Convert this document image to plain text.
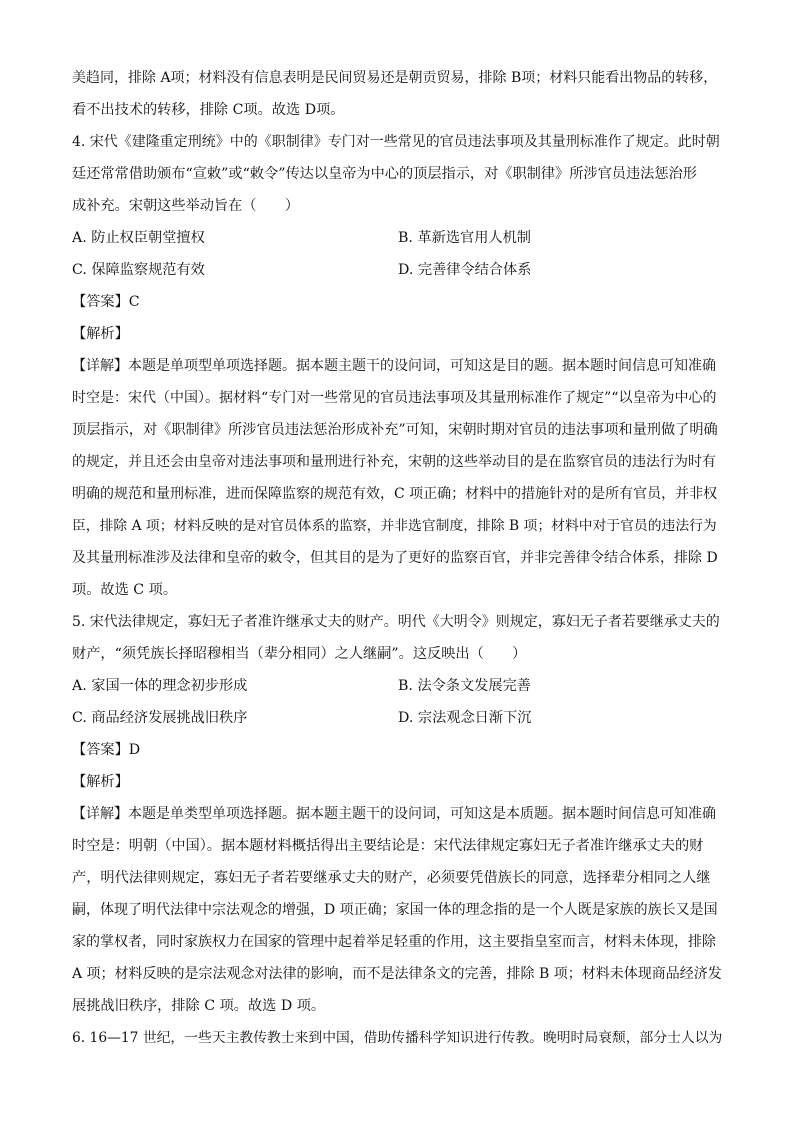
美趋同，排除 A项；材料没有信息表明是民间贸易还是朝贡贸易，排除 B项；材料只能看出物品的转移，
看不出技术的转移，排除 C项。故选 D项。
4. 宋代《建隆重定刑统》中的《职制律》专门对一些常见的官员违法事项及其量刑标准作了规定。此时朝
廷还常常借助颁布“宣敕”或“敕令”传达以皇帝为中心的顶层指示，对《职制律》所涉官员违法惩治形
成补充。宋朝这些举动旨在（　　）
A. 防止权臣朝堂擅权	B. 革新选官用人机制
C. 保障监察规范有效	D. 完善律令结合体系
【答案】C
【解析】
【详解】本题是单项型单项选择题。据本题主题干的设问词，可知这是目的题。据本题时间信息可知准确
时空是：宋代（中国）。据材料“专门对一些常见的官员违法事项及其量刑标准作了规定”“以皇帝为中心的
顶层指示，对《职制律》所涉官员违法惩治形成补充”可知，宋朝时期对官员的违法事项和量刑做了明确
的规定，并且还会由皇帝对违法事项和量刑进行补充，宋朝的这些举动目的是在监察官员的违法行为时有
明确的规范和量刑标准，进而保障监察的规范有效，C 项正确；材料中的措施针对的是所有官员，并非权
臣，排除 A 项；材料反映的是对官员体系的监察，并非选官制度，排除 B 项；材料中对于官员的违法行为
及其量刑标准涉及法律和皇帝的敕令，但其目的是为了更好的监察百官，并非完善律令结合体系，排除 D
项。故选 C 项。
5. 宋代法律规定，寡妇无子者准许继承丈夫的财产。明代《大明令》则规定，寡妇无子者若要继承丈夫的
财产，“须凭族长择昭穆相当（辈分相同）之人继嗣”。这反映出（　　）
A. 家国一体的理念初步形成	B. 法令条文发展完善
C. 商品经济发展挑战旧秩序	D. 宗法观念日渐下沉
【答案】D
【解析】
【详解】本题是单类型单项选择题。据本题主题干的设问词，可知这是本质题。据本题时间信息可知准确
时空是：明朝（中国）。据本题材料概括得出主要结论是：宋代法律规定寡妇无子者准许继承丈夫的财
产，明代法律则规定，寡妇无子者若要继承丈夫的财产，必须要凭借族长的同意，选择辈分相同之人继
嗣，体现了明代法律中宗法观念的增强，D 项正确；家国一体的理念指的是一个人既是家族的族长又是国
家的掌权者，同时家族权力在国家的管理中起着举足轻重的作用，这主要指皇室而言，材料未体现，排除
A 项；材料反映的是宗法观念对法律的影响，而不是法律条文的完善，排除 B 项；材料未体现商品经济发
展挑战旧秩序，排除 C 项。故选 D 项。
6. 16—17 世纪，一些天主教传教士来到中国，借助传播科学知识进行传教。晚明时局衰颓，部分士人以为
